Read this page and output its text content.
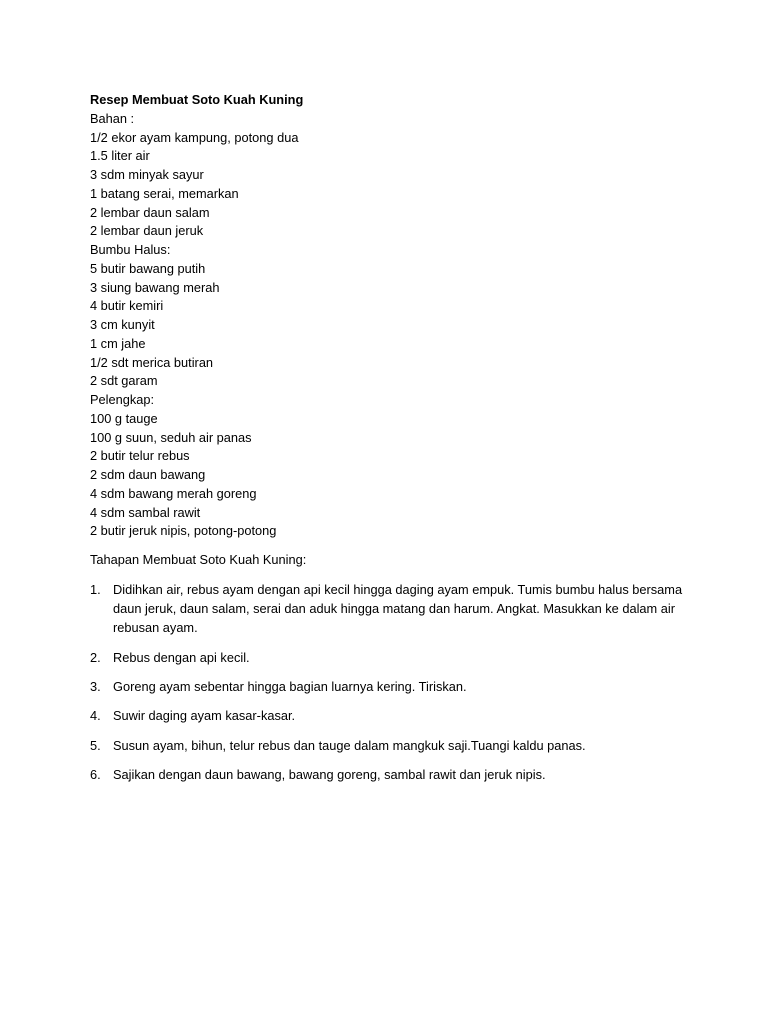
Resep Membuat Soto Kuah Kuning
Bahan :
1/2 ekor ayam kampung, potong dua
1.5 liter air
3 sdm minyak sayur
1 batang serai, memarkan
2 lembar daun salam
2 lembar daun jeruk
Bumbu Halus:
5 butir bawang putih
3 siung bawang merah
4 butir kemiri
3 cm kunyit
1 cm jahe
1/2 sdt merica butiran
2 sdt garam
Pelengkap:
100 g tauge
100 g suun, seduh air panas
2 butir telur rebus
2 sdm daun bawang
4 sdm bawang merah goreng
4 sdm sambal rawit
2 butir jeruk nipis, potong-potong
Tahapan Membuat Soto Kuah Kuning:
1. Didihkan air, rebus ayam dengan api kecil hingga daging ayam empuk. Tumis bumbu halus bersama daun jeruk, daun salam, serai dan aduk hingga matang dan harum. Angkat. Masukkan ke dalam air rebusan ayam.
2. Rebus dengan api kecil.
3. Goreng ayam sebentar hingga bagian luarnya kering. Tiriskan.
4. Suwir daging ayam kasar-kasar.
5. Susun ayam, bihun, telur rebus dan tauge dalam mangkuk saji.Tuangi kaldu panas.
6. Sajikan dengan daun bawang, bawang goreng, sambal rawit dan jeruk nipis.
